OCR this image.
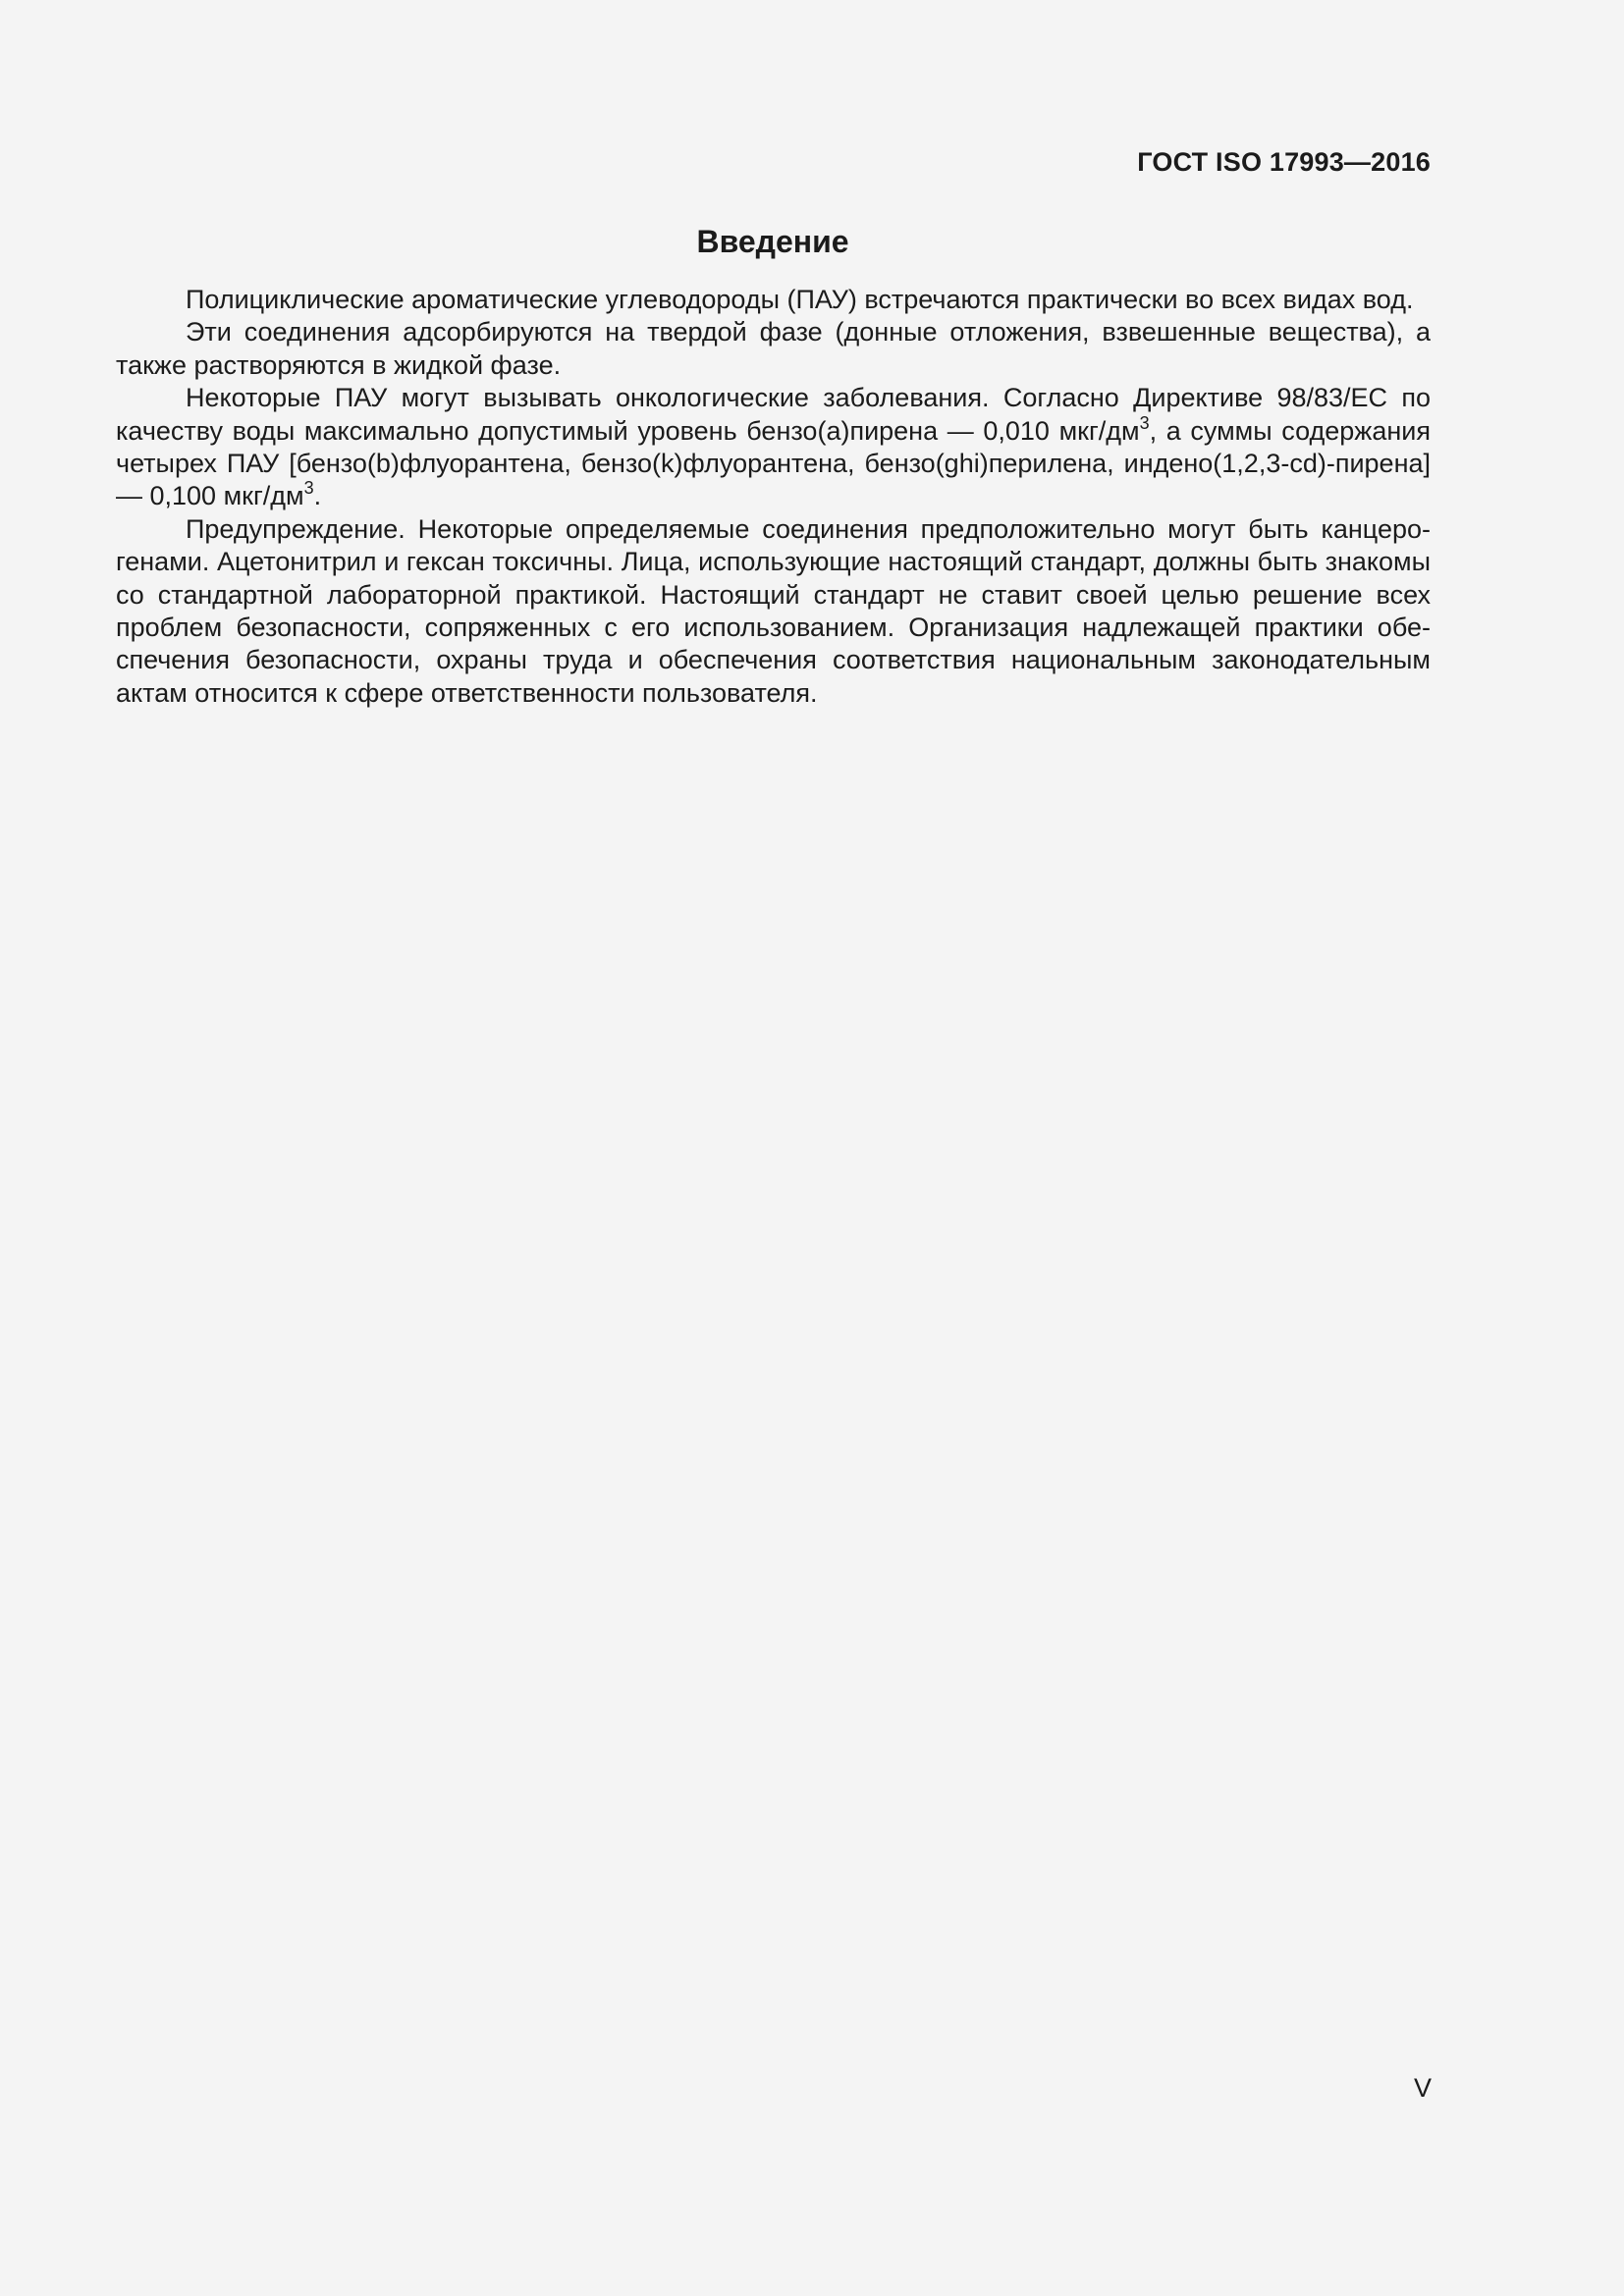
ГОСТ ISO 17993—2016
Введение

Полициклические ароматические углеводороды (ПАУ) встречаются практически во всех видах вод.

Эти соединения адсорбируются на твердой фазе (донные отложения, взвешенные вещества), а также растворяются в жидкой фазе.

Некоторые ПАУ могут вызывать онкологические заболевания. Согласно Директиве 98/83/ЕС по качеству воды максимально допустимый уровень бензо(a)пирена — 0,010 мкг/$дм^3$, а суммы содержания четырех ПАУ [бензо(b)флуорантена, бензо(k)флуорантена, бензо(ghi)перилена, индено(1,2,3-cd)-пирена] — 0,100 мкг/$дм^3$.

Предупреждение. Некоторые определяемые соединения предположительно могут быть канцерогенами. Ацетонитрил и гексан токсичны. Лица, использующие настоящий стандарт, должны быть знакомы со стандартной лабораторной практикой. Настоящий стандарт не ставит своей целью решение всех проблем безопасности, сопряженных с его использованием. Организация надлежащей практики обеспечения безопасности, охраны труда и обеспечения соответствия национальным законодательным актам относится к сфере ответственности пользователя.

V
